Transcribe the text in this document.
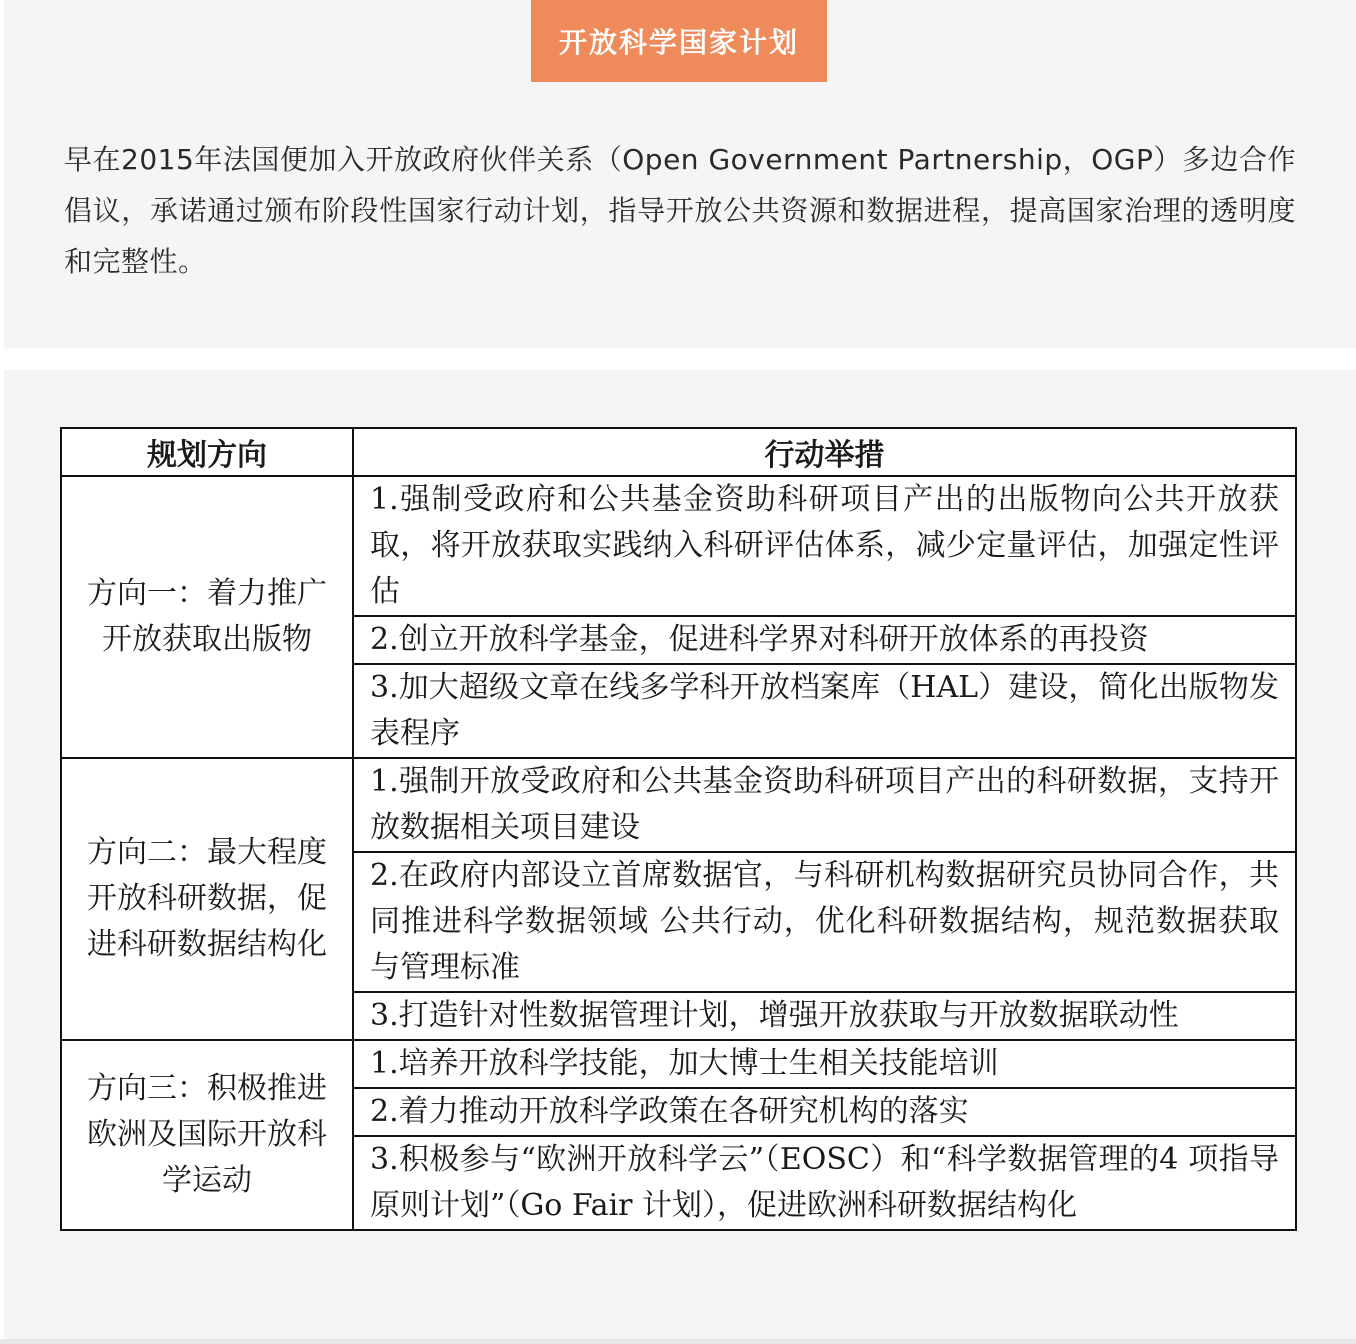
开放科学国家计划

早在2015年法国便加入开放政府伙伴关系（Open Government Partnership，OGP）多边合作倡议，承诺通过颁布阶段性国家行动计划，指导开放公共资源和数据进程，提高国家治理的透明度和完整性。

规划方向	行动举措
方向一：着力推广开放获取出版物	1.强制受政府和公共基金资助科研项目产出的出版物向公共开放获取，将开放获取实践纳入科研评估体系，减少定量评估，加强定性评估
	2.创立开放科学基金，促进科学界对科研开放体系的再投资
	3.加大超级文章在线多学科开放档案库（HAL）建设，简化出版物发表程序
方向二：最大程度开放科研数据，促进科研数据结构化	1.强制开放受政府和公共基金资助科研项目产出的科研数据，支持开放数据相关项目建设
	2.在政府内部设立首席数据官，与科研机构数据研究员协同合作，共同推进科学数据领域 公共行动，优化科研数据结构，规范数据获取与管理标准
	3.打造针对性数据管理计划，增强开放获取与开放数据联动性
方向三：积极推进欧洲及国际开放科学运动	1.培养开放科学技能，加大博士生相关技能培训
	2.着力推动开放科学政策在各研究机构的落实
	3.积极参与“欧洲开放科学云”（EOSC）和“科学数据管理的4 项指导原则计划”（Go Fair 计划），促进欧洲科研数据结构化
